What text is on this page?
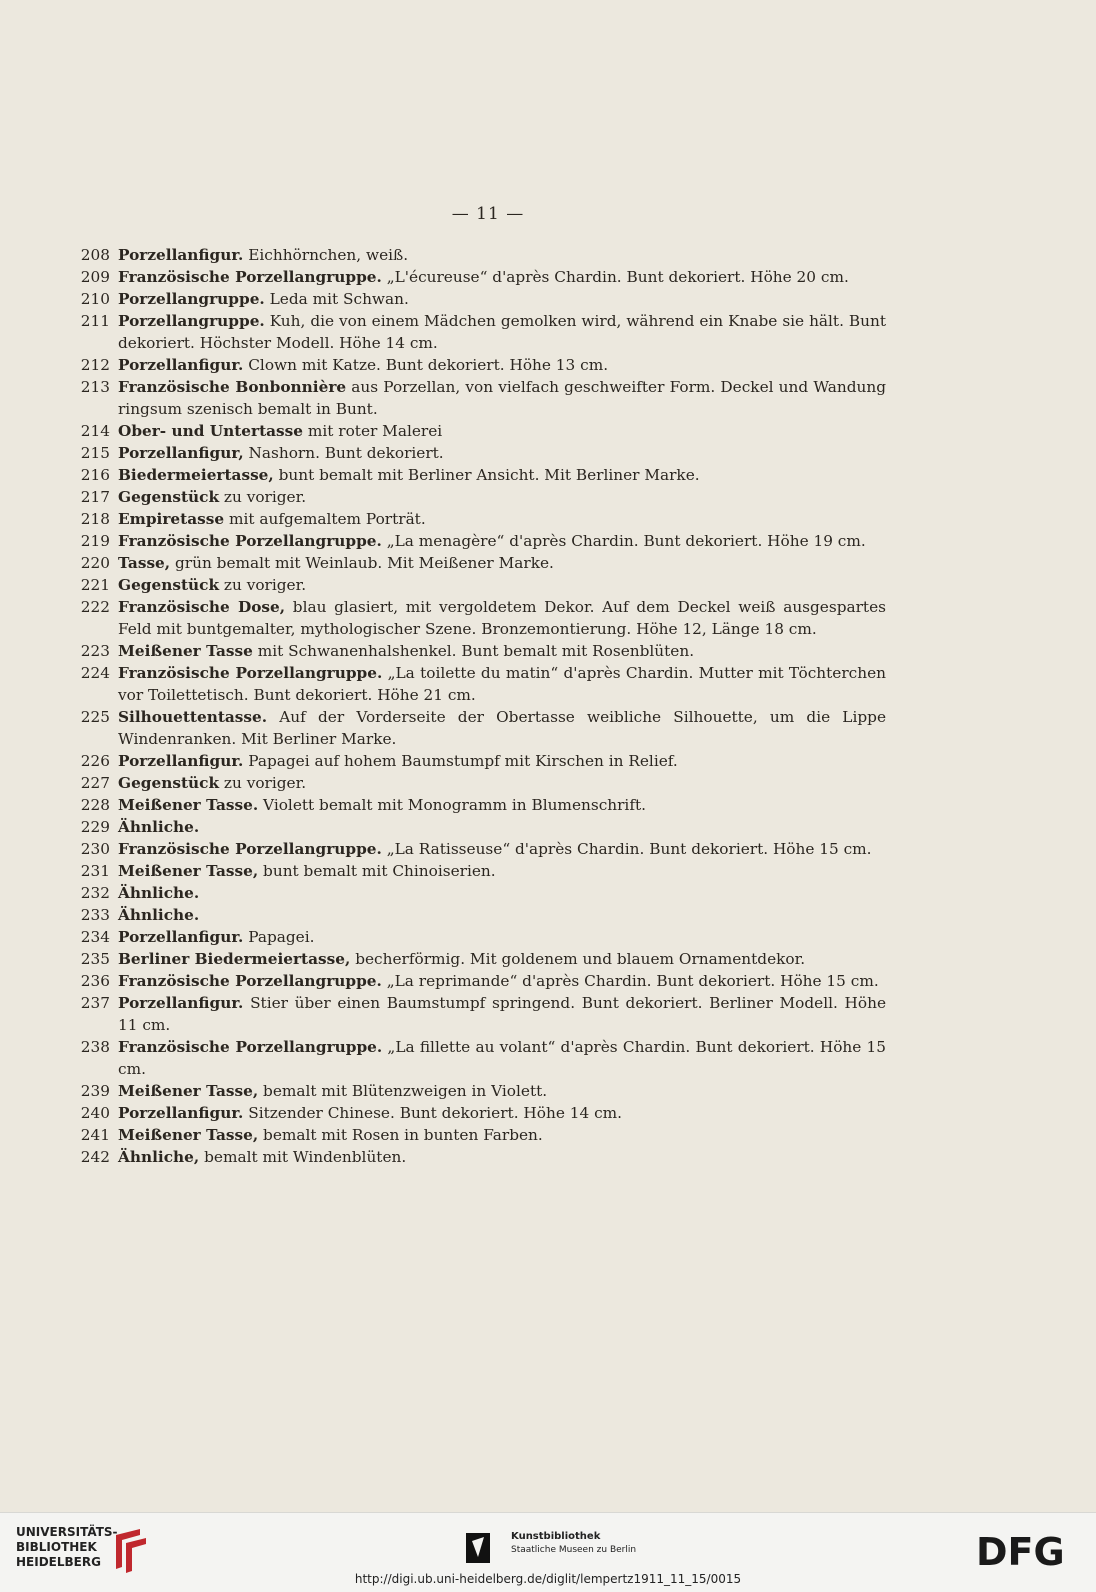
— 11 —
208 Porzellanfigur. Eichhörnchen, weiß.
209 Französische Porzellangruppe. „L'écureuse“ d'après Chardin. Bunt dekoriert. Höhe 20 cm.
210 Porzellangruppe. Leda mit Schwan.
211 Porzellangruppe. Kuh, die von einem Mädchen gemolken wird, während ein Knabe sie hält. Bunt dekoriert. Höchster Modell. Höhe 14 cm.
212 Porzellanfigur. Clown mit Katze. Bunt dekoriert. Höhe 13 cm.
213 Französische Bonbonnière aus Porzellan, von vielfach geschweifter Form. Deckel und Wandung ringsum szenisch bemalt in Bunt.
214 Ober- und Untertasse mit roter Malerei
215 Porzellanfigur, Nashorn. Bunt dekoriert.
216 Biedermeiertasse, bunt bemalt mit Berliner Ansicht. Mit Berliner Marke.
217 Gegenstück zu voriger.
218 Empiretasse mit aufgemaltem Porträt.
219 Französische Porzellangruppe. „La menagère“ d'après Chardin. Bunt dekoriert. Höhe 19 cm.
220 Tasse, grün bemalt mit Weinlaub. Mit Meißener Marke.
221 Gegenstück zu voriger.
222 Französische Dose, blau glasiert, mit vergoldetem Dekor. Auf dem Deckel weiß ausgespartes Feld mit buntgemalter, mythologischer Szene. Bronzemontierung. Höhe 12, Länge 18 cm.
223 Meißener Tasse mit Schwanenhalshenkel. Bunt bemalt mit Rosenblüten.
224 Französische Porzellangruppe. „La toilette du matin“ d'après Chardin. Mutter mit Töchterchen vor Toilettetisch. Bunt dekoriert. Höhe 21 cm.
225 Silhouettentasse. Auf der Vorderseite der Obertasse weibliche Silhouette, um die Lippe Windenranken. Mit Berliner Marke.
226 Porzellanfigur. Papagei auf hohem Baumstumpf mit Kirschen in Relief.
227 Gegenstück zu voriger.
228 Meißener Tasse. Violett bemalt mit Monogramm in Blumenschrift.
229 Ähnliche.
230 Französische Porzellangruppe. „La Ratisseuse“ d'après Chardin. Bunt dekoriert. Höhe 15 cm.
231 Meißener Tasse, bunt bemalt mit Chinoiserien.
232 Ähnliche.
233 Ähnliche.
234 Porzellanfigur. Papagei.
235 Berliner Biedermeiertasse, becherförmig. Mit goldenem und blauem Ornamentdekor.
236 Französische Porzellangruppe. „La reprimande“ d'après Chardin. Bunt dekoriert. Höhe 15 cm.
237 Porzellanfigur. Stier über einen Baumstumpf springend. Bunt dekoriert. Berliner Modell. Höhe 11 cm.
238 Französische Porzellangruppe. „La fillette au volant“ d'après Chardin. Bunt dekoriert. Höhe 15 cm.
239 Meißener Tasse, bemalt mit Blütenzweigen in Violett.
240 Porzellanfigur. Sitzender Chinese. Bunt dekoriert. Höhe 14 cm.
241 Meißener Tasse, bemalt mit Rosen in bunten Farben.
242 Ähnliche, bemalt mit Windenblüten.
UNIVERSITÄTS-
BIBLIOTHEK
HEIDELBERG
Kunstbibliothek
Staatliche Museen zu Berlin	DFG
http://digi.ub.uni-heidelberg.de/diglit/lempertz1911_11_15/0015
